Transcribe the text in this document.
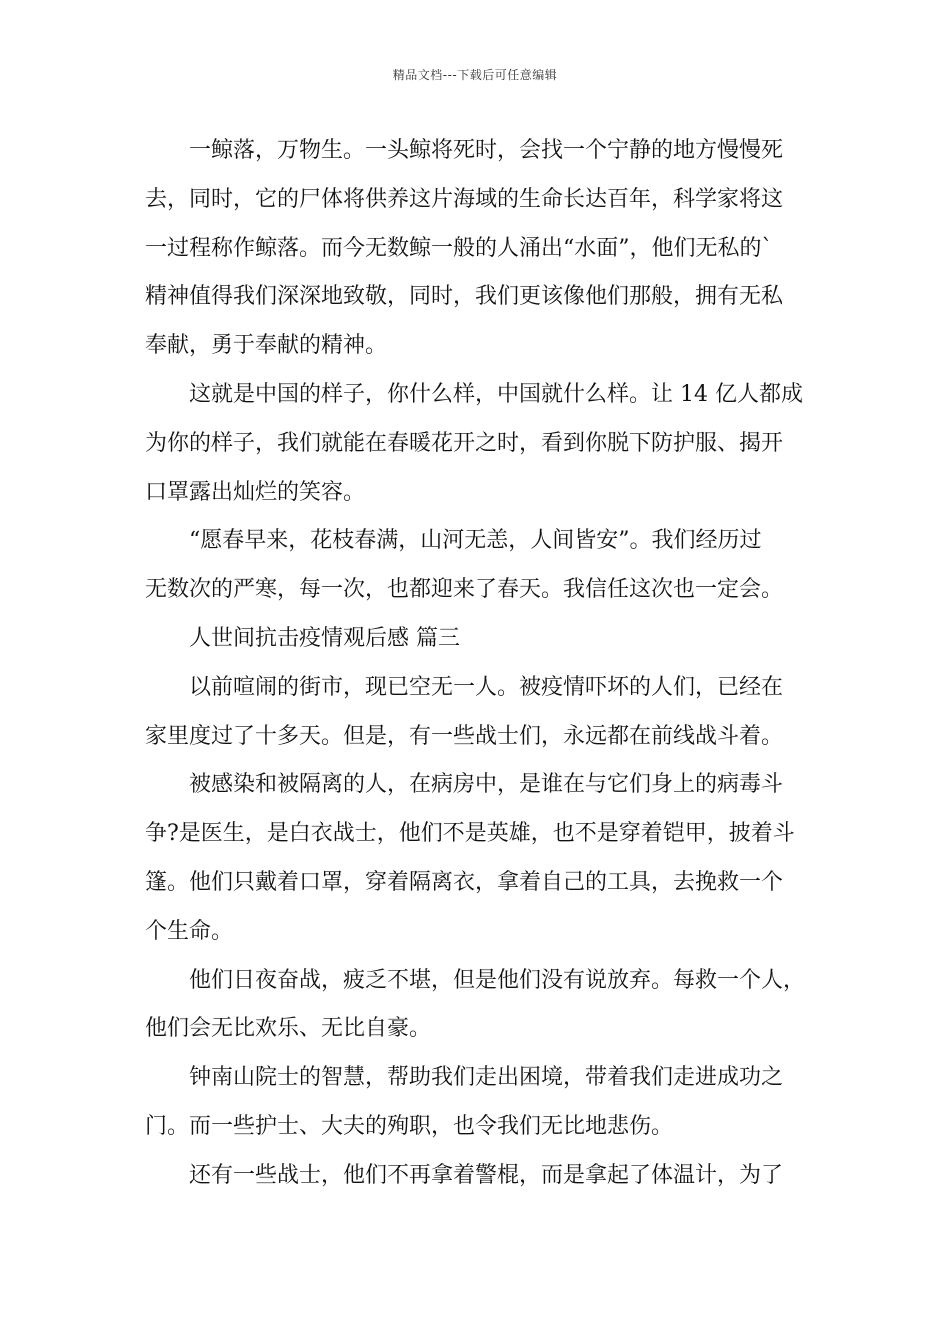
精品文档---下载后可任意编辑
一鲸落，万物生。一头鲸将死时，会找一个宁静的地方慢慢死
去，同时，它的尸体将供养这片海域的生命长达百年，科学家将这
一过程称作鲸落。而今无数鲸一般的人涌出“水面”，他们无私的`
精神值得我们深深地致敬，同时，我们更该像他们那般，拥有无私
奉献，勇于奉献的精神。
这就是中国的样子，你什么样，中国就什么样。让 14 亿人都成
为你的样子，我们就能在春暖花开之时，看到你脱下防护服、揭开
口罩露出灿烂的笑容。
“愿春早来，花枝春满，山河无恙，人间皆安”。我们经历过
无数次的严寒，每一次，也都迎来了春天。我信任这次也一定会。
人世间抗击疫情观后感 篇三
以前喧闹的街市，现已空无一人。被疫情吓坏的人们，已经在
家里度过了十多天。但是，有一些战士们，永远都在前线战斗着。
被感染和被隔离的人，在病房中，是谁在与它们身上的病毒斗
争?是医生，是白衣战士，他们不是英雄，也不是穿着铠甲，披着斗
篷。他们只戴着口罩，穿着隔离衣，拿着自己的工具，去挽救一个
个生命。
他们日夜奋战，疲乏不堪，但是他们没有说放弃。每救一个人，
他们会无比欢乐、无比自豪。
钟南山院士的智慧，帮助我们走出困境，带着我们走进成功之
门。而一些护士、大夫的殉职，也令我们无比地悲伤。
还有一些战士，他们不再拿着警棍，而是拿起了体温计，为了
